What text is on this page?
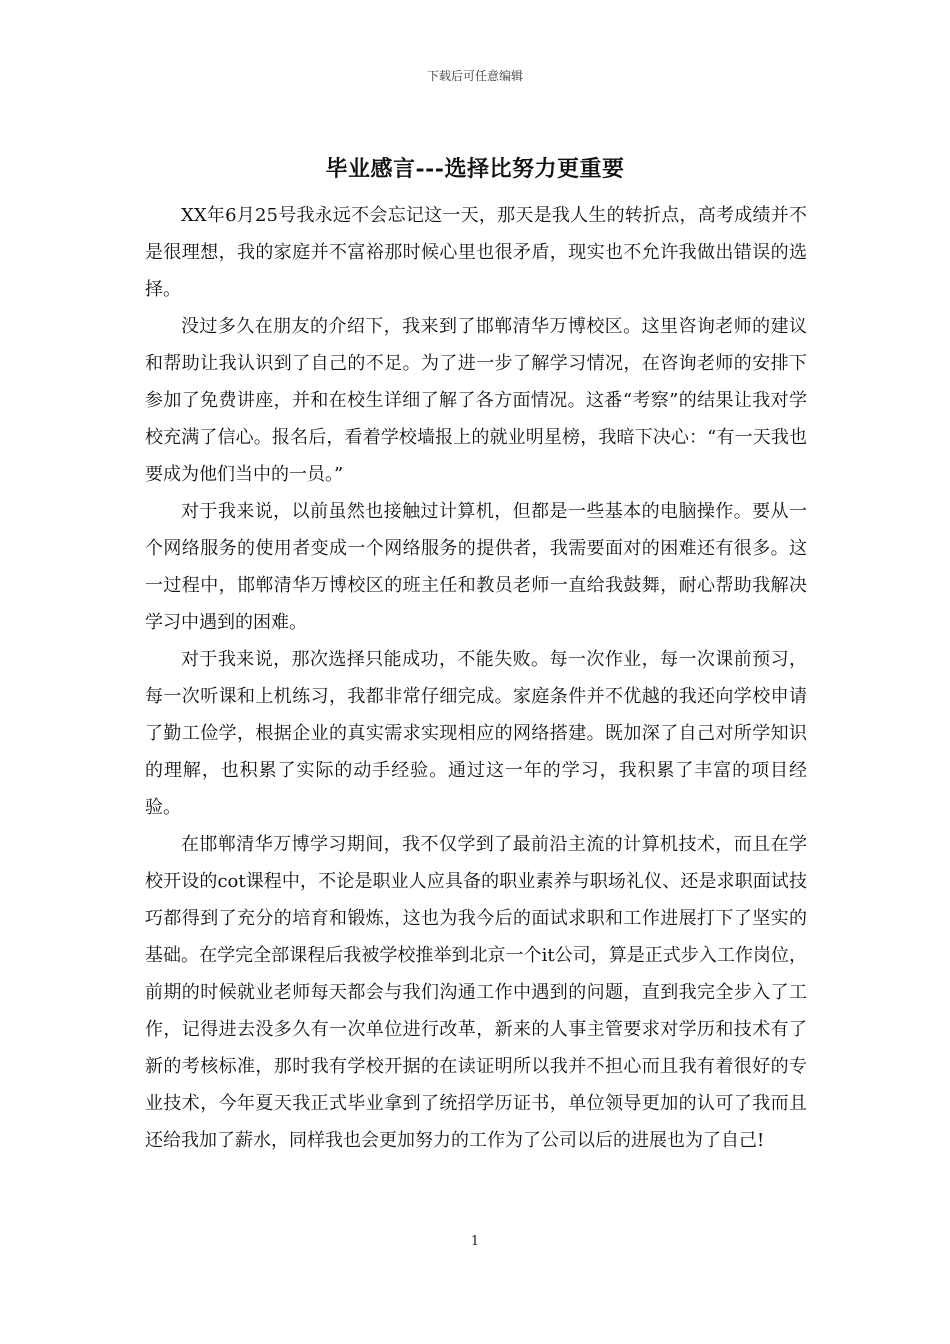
下载后可任意编辑
毕业感言---选择比努力更重要

XX年6月25号我永远不会忘记这一天，那天是我人生的转折点，高考成绩并不是很理想，我的家庭并不富裕那时候心里也很矛盾，现实也不允许我做出错误的选择。

没过多久在朋友的介绍下，我来到了邯郸清华万博校区。这里咨询老师的建议和帮助让我认识到了自己的不足。为了进一步了解学习情况，在咨询老师的安排下参加了免费讲座，并和在校生详细了解了各方面情况。这番“考察”的结果让我对学校充满了信心。报名后，看着学校墙报上的就业明星榜，我暗下决心：“有一天我也要成为他们当中的一员。”

对于我来说，以前虽然也接触过计算机，但都是一些基本的电脑操作。要从一个网络服务的使用者变成一个网络服务的提供者，我需要面对的困难还有很多。这一过程中，邯郸清华万博校区的班主任和教员老师一直给我鼓舞，耐心帮助我解决学习中遇到的困难。

对于我来说，那次选择只能成功，不能失败。每一次作业，每一次课前预习，每一次听课和上机练习，我都非常仔细完成。家庭条件并不优越的我还向学校申请了勤工俭学，根据企业的真实需求实现相应的网络搭建。既加深了自己对所学知识的理解，也积累了实际的动手经验。通过这一年的学习，我积累了丰富的项目经验。

在邯郸清华万博学习期间，我不仅学到了最前沿主流的计算机技术，而且在学校开设的cot课程中，不论是职业人应具备的职业素养与职场礼仪、还是求职面试技巧都得到了充分的培育和锻炼，这也为我今后的面试求职和工作进展打下了坚实的基础。在学完全部课程后我被学校推举到北京一个it公司，算是正式步入工作岗位，前期的时候就业老师每天都会与我们沟通工作中遇到的问题，直到我完全步入了工作，记得进去没多久有一次单位进行改革，新来的人事主管要求对学历和技术有了新的考核标准，那时我有学校开据的在读证明所以我并不担心而且我有着很好的专业技术，今年夏天我正式毕业拿到了统招学历证书，单位领导更加的认可了我而且还给我加了薪水，同样我也会更加努力的工作为了公司以后的进展也为了自己!

1
